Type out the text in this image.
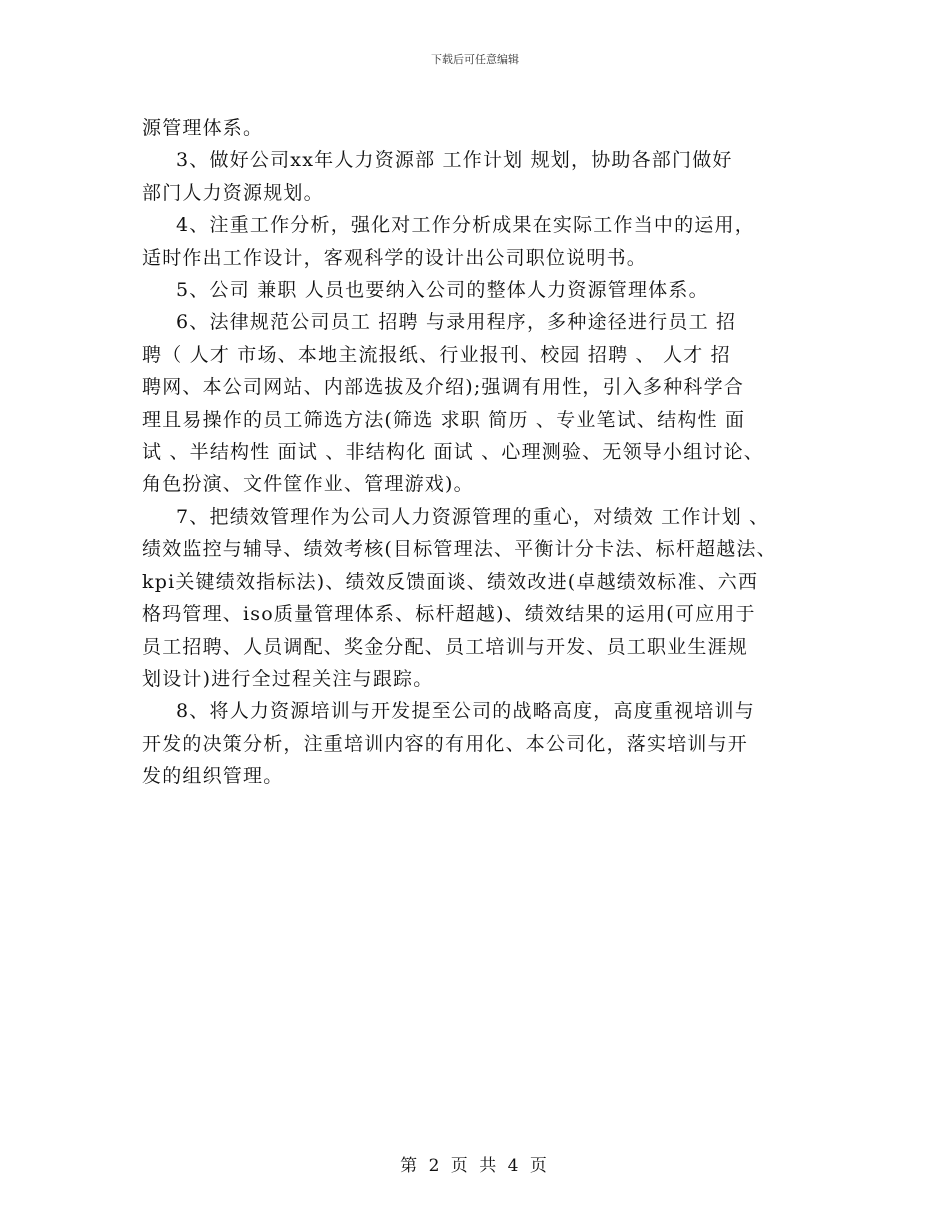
下载后可任意编辑
源管理体系。
3、做好公司xx年人力资源部 工作计划 规划，协助各部门做好
部门人力资源规划。
4、注重工作分析，强化对工作分析成果在实际工作当中的运用，
适时作出工作设计，客观科学的设计出公司职位说明书。
5、公司 兼职 人员也要纳入公司的整体人力资源管理体系。
6、法律规范公司员工 招聘 与录用程序，多种途径进行员工 招
聘（ 人才 市场、本地主流报纸、行业报刊、校园 招聘 、 人才 招
聘网、本公司网站、内部选拔及介绍);强调有用性，引入多种科学合
理且易操作的员工筛选方法(筛选 求职 简历 、专业笔试、结构性 面
试 、半结构性 面试 、非结构化 面试 、心理测验、无领导小组讨论、
角色扮演、文件筐作业、管理游戏)。
7、把绩效管理作为公司人力资源管理的重心，对绩效 工作计划 、
绩效监控与辅导、绩效考核(目标管理法、平衡计分卡法、标杆超越法、
kpi关键绩效指标法)、绩效反馈面谈、绩效改进(卓越绩效标准、六西
格玛管理、iso质量管理体系、标杆超越)、绩效结果的运用(可应用于
员工招聘、人员调配、奖金分配、员工培训与开发、员工职业生涯规
划设计)进行全过程关注与跟踪。
8、将人力资源培训与开发提至公司的战略高度，高度重视培训与
开发的决策分析，注重培训内容的有用化、本公司化，落实培训与开
发的组织管理。
第 2 页 共 4 页
